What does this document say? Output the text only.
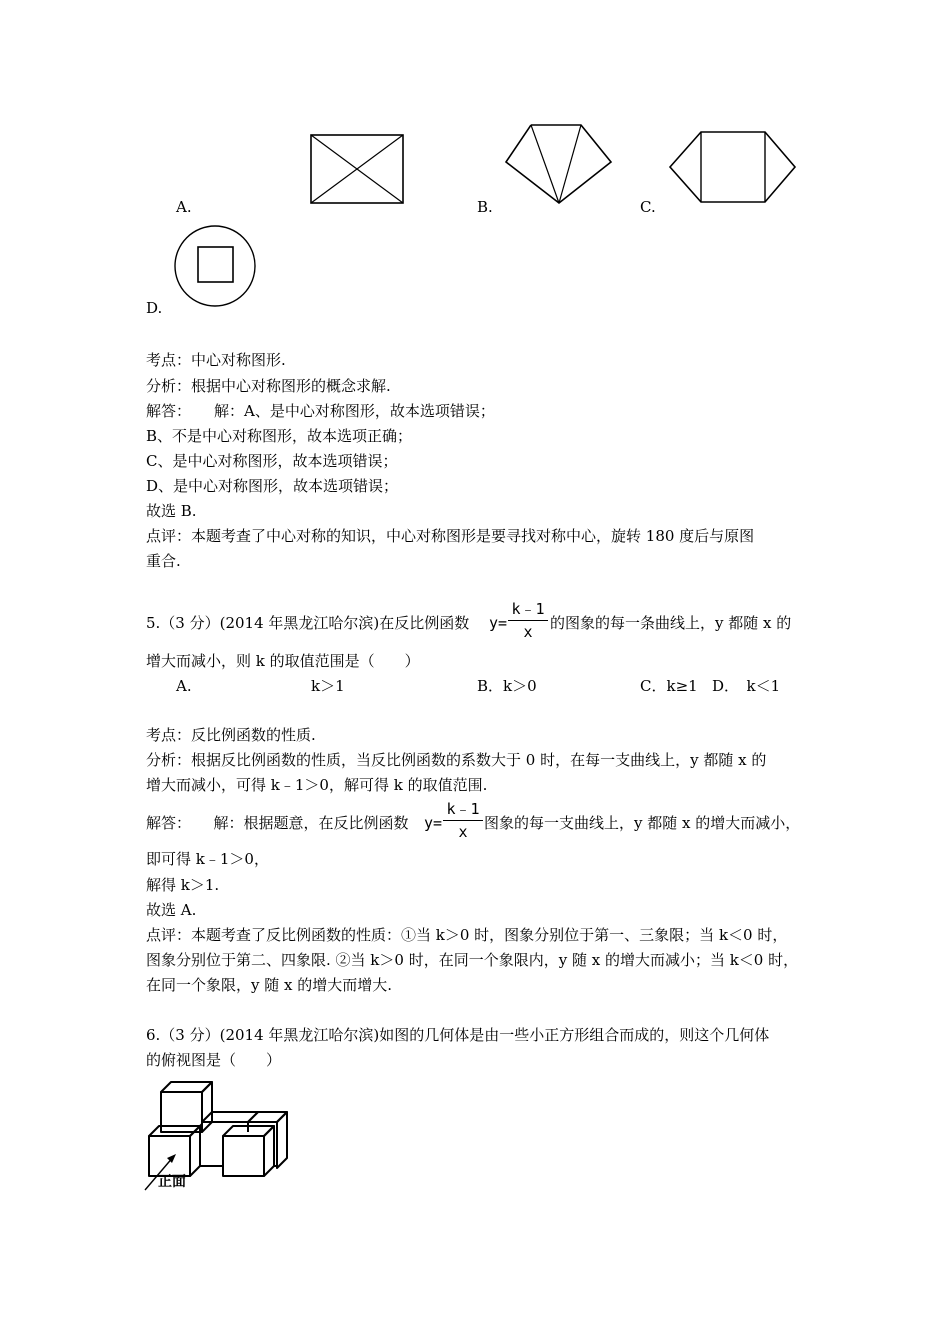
A.	B.	C.
D.
考点：中心对称图形.
分析：根据中心对称图形的概念求解.
解答： 解：A、是中心对称图形，故本选项错误；
B、不是中心对称图形，故本选项正确；
C、是中心对称图形，故本选项错误；
D、是中心对称图形，故本选项错误；
故选 B.
点评：本题考查了中心对称的知识，中心对称图形是要寻找对称中心，旋转 180 度后与原图
重合.
5.（3 分）(2014 年黑龙江哈尔滨)在反比例函数 y=
k﹣1
x	的图象的每一条曲线上，y 都随 x 的
增大而减小，则 k 的取值范围是（　　）
A.	k＞1	B．k＞0	C．k≥1 D．　k＜1
考点：反比例函数的性质.
分析：根据反比例函数的性质，当反比例函数的系数大于 0 时，在每一支曲线上，y 都随 x 的
增大而减小，可得 k﹣1＞0，解可得 k 的取值范围.
解答：　　解：根据题意，在反比例函数 y=
k﹣1
x	图象的每一支曲线上，y 都随 x 的增大而减小，
即可得 k﹣1＞0，
解得 k＞1.
故选 A.
点评：本题考查了反比例函数的性质：①当 k＞0 时，图象分别位于第一、三象限；当 k＜0 时，
图象分别位于第二、四象限. ②当 k＞0 时，在同一个象限内，y 随 x 的增大而减小；当 k＜0 时，
在同一个象限，y 随 x 的增大而增大.
6.（3 分）(2014 年黑龙江哈尔滨)如图的几何体是由一些小正方形组合而成的，则这个几何体
的俯视图是（　　）
正面
